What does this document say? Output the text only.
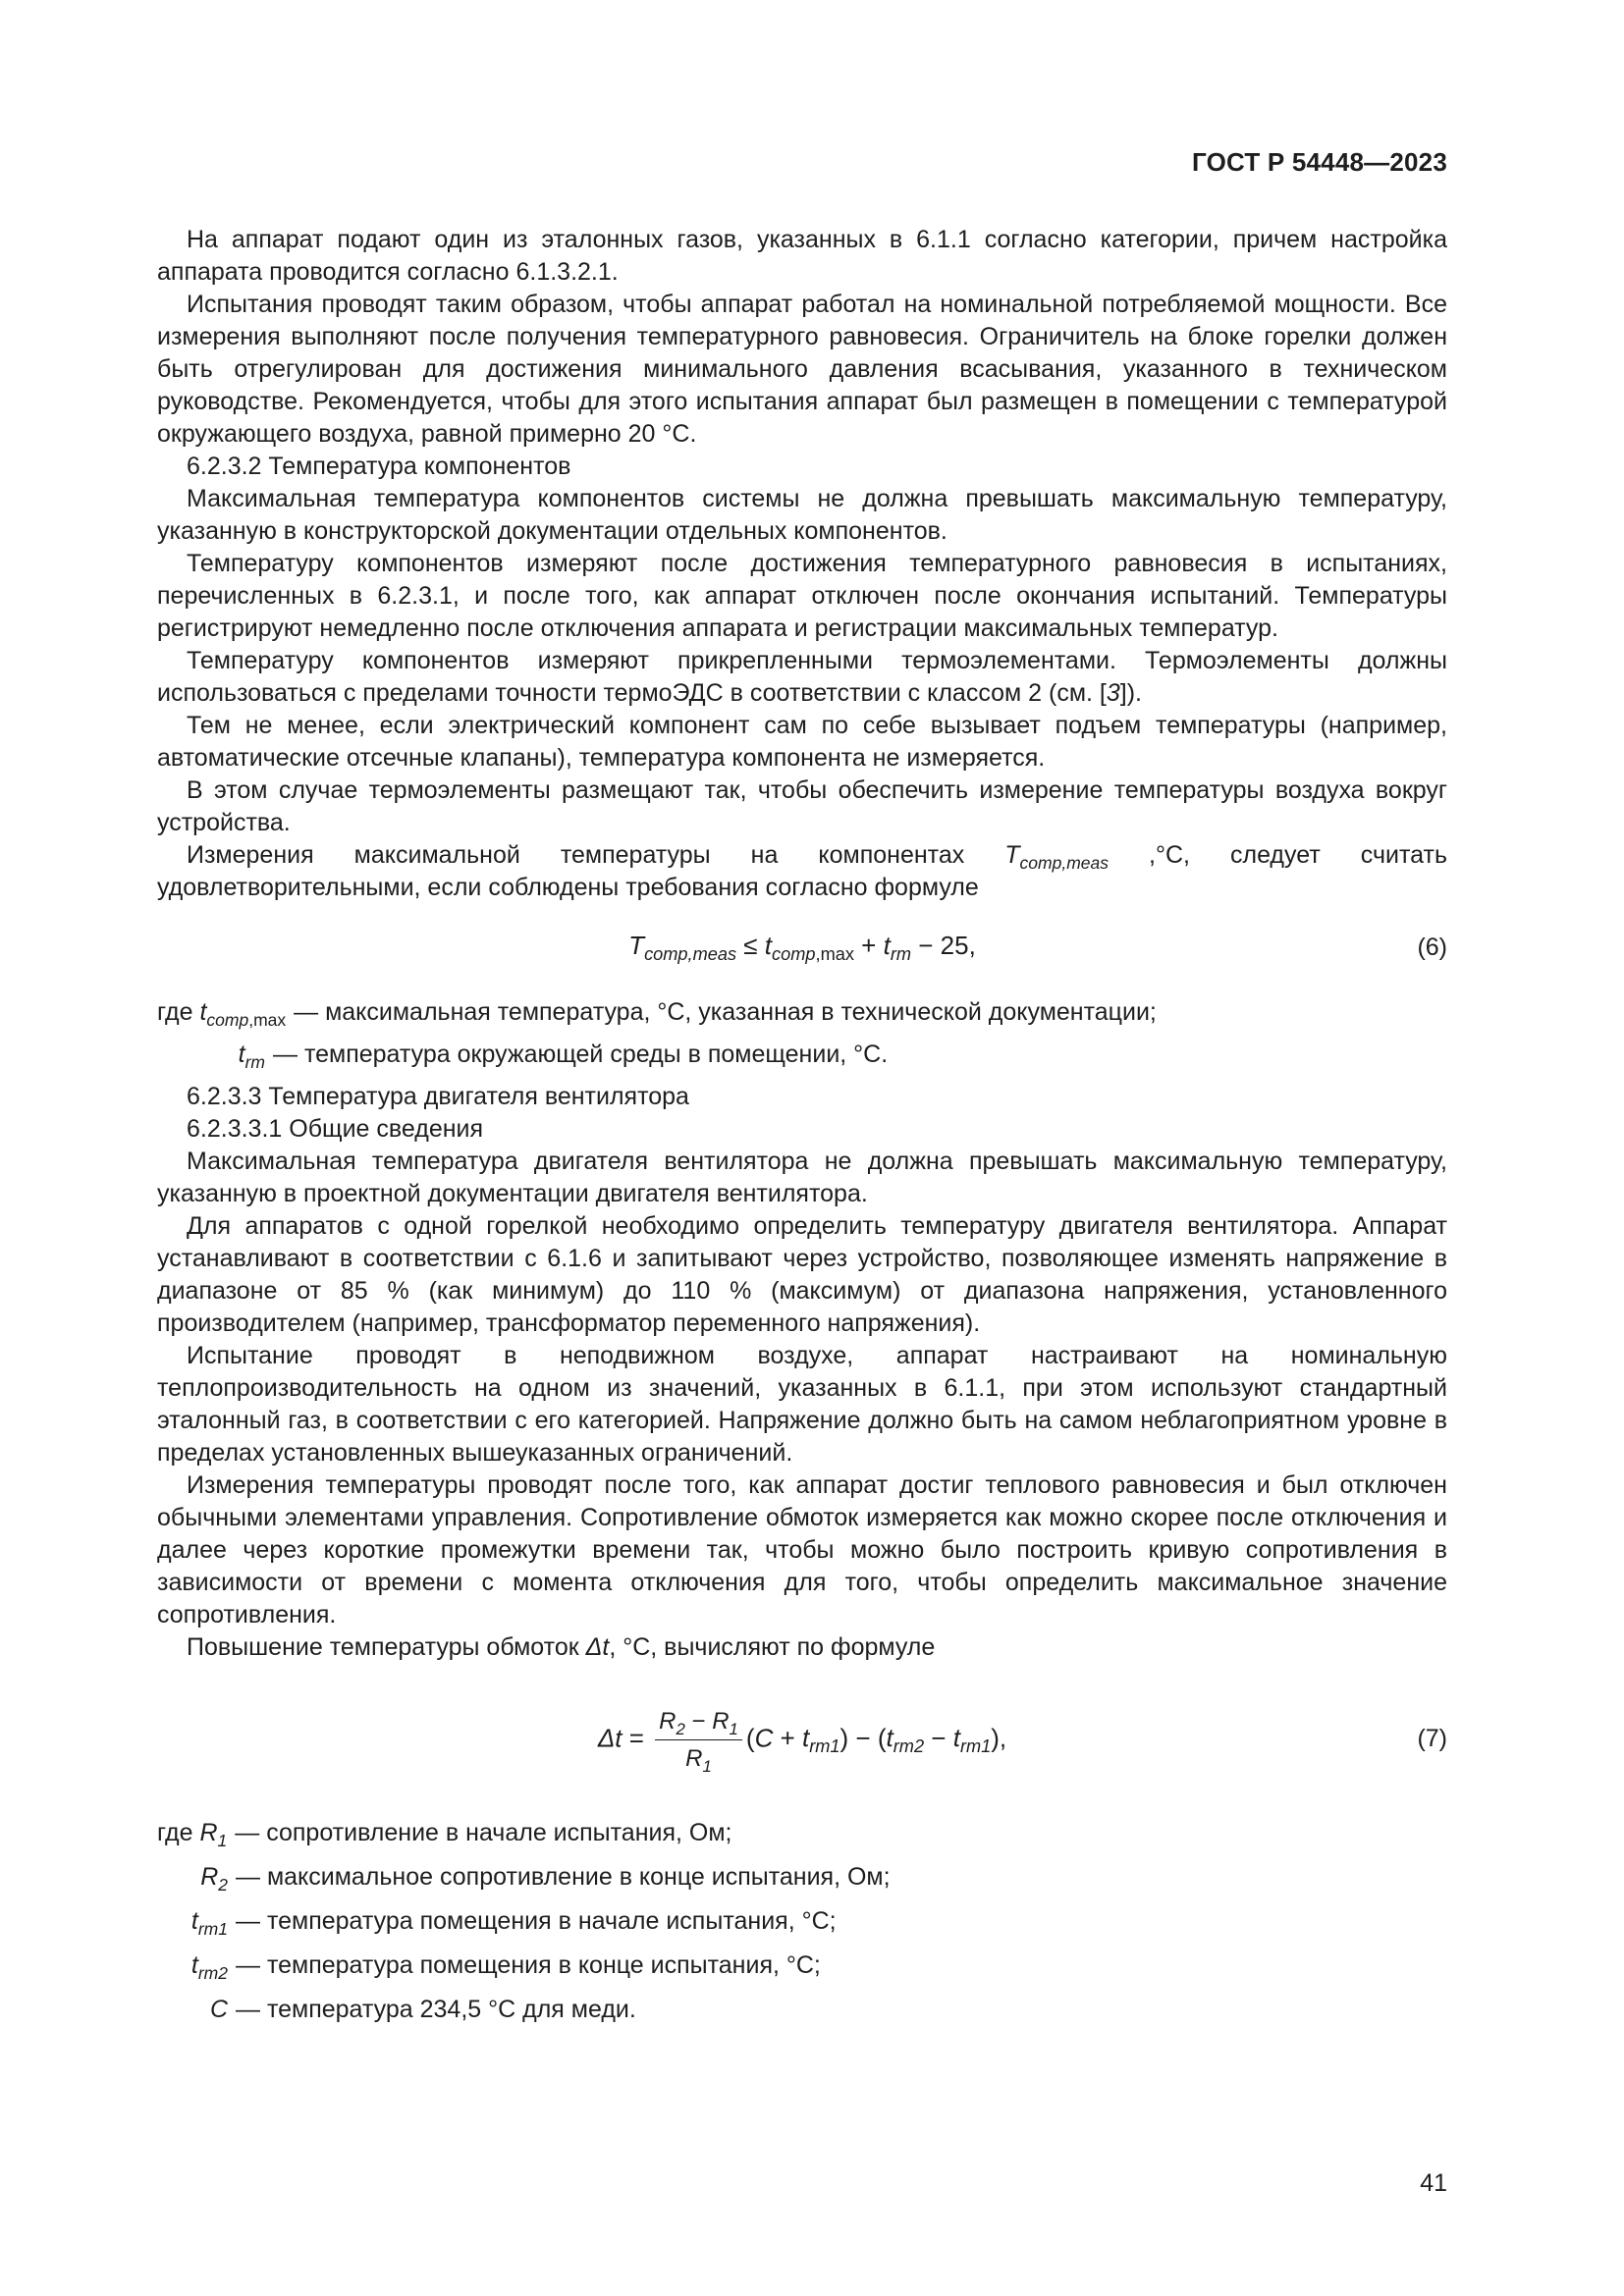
ГОСТ Р 54448—2023

На аппарат подают один из эталонных газов, указанных в 6.1.1 согласно категории, причем настройка аппарата проводится согласно 6.1.3.2.1.

Испытания проводят таким образом, чтобы аппарат работал на номинальной потребляемой мощности. Все измерения выполняют после получения температурного равновесия. Ограничитель на блоке горелки должен быть отрегулирован для достижения минимального давления всасывания, указанного в техническом руководстве. Рекомендуется, чтобы для этого испытания аппарат был размещен в помещении с температурой окружающего воздуха, равной примерно 20 °С.

6.2.3.2 Температура компонентов

Максимальная температура компонентов системы не должна превышать максимальную температуру, указанную в конструкторской документации отдельных компонентов.

Температуру компонентов измеряют после достижения температурного равновесия в испытаниях, перечисленных в 6.2.3.1, и после того, как аппарат отключен после окончания испытаний. Температуры регистрируют немедленно после отключения аппарата и регистрации максимальных температур.

Температуру компонентов измеряют прикрепленными термоэлементами. Термоэлементы должны использоваться с пределами точности термоЭДС в соответствии с классом 2 (см. [3]).

Тем не менее, если электрический компонент сам по себе вызывает подъем температуры (например, автоматические отсечные клапаны), температура компонента не измеряется.

В этом случае термоэлементы размещают так, чтобы обеспечить измерение температуры воздуха вокруг устройства.

Измерения максимальной температуры на компонентах $T_{comp,meas}$ ,°С, следует считать удовлетворительными, если соблюдены требования согласно формуле

$T_{comp,meas} \le t_{comp,max} + t_{rm} - 25$,	(6)
где $t_{comp,max}$ — максимальная температура, °С, указанная в технической документации;
$t_{rm}$ — температура окружающей среды в помещении, °С.

6.2.3.3 Температура двигателя вентилятора

6.2.3.3.1 Общие сведения

Максимальная температура двигателя вентилятора не должна превышать максимальную температуру, указанную в проектной документации двигателя вентилятора.

Для аппаратов с одной горелкой необходимо определить температуру двигателя вентилятора. Аппарат устанавливают в соответствии с 6.1.6 и запитывают через устройство, позволяющее изменять напряжение в диапазоне от 85 % (как минимум) до 110 % (максимум) от диапазона напряжения, установленного производителем (например, трансформатор переменного напряжения).

Испытание проводят в неподвижном воздухе, аппарат настраивают на номинальную теплопроизводительность на одном из значений, указанных в 6.1.1, при этом используют стандартный эталонный газ, в соответствии с его категорией. Напряжение должно быть на самом неблагоприятном уровне в пределах установленных вышеуказанных ограничений.

Измерения температуры проводят после того, как аппарат достиг теплового равновесия и был отключен обычными элементами управления. Сопротивление обмоток измеряется как можно скорее после отключения и далее через короткие промежутки времени так, чтобы можно было построить кривую сопротивления в зависимости от времени с момента отключения для того, чтобы определить максимальное значение сопротивления.

Повышение температуры обмоток Δt, °С, вычисляют по формуле

$\Delta t = \frac{R_2 - R_1}{R_1} (C + t_{rm1}) - (t_{rm2} - t_{rm1})$,	(7)
где $R_1$ — сопротивление в начале испытания, Ом;
$R_2$ — максимальное сопротивление в конце испытания, Ом;
$t_{rm1}$ — температура помещения в начале испытания, °С;
$t_{rm2}$ — температура помещения в конце испытания, °С;
C — температура 234,5 °С для меди.
41
